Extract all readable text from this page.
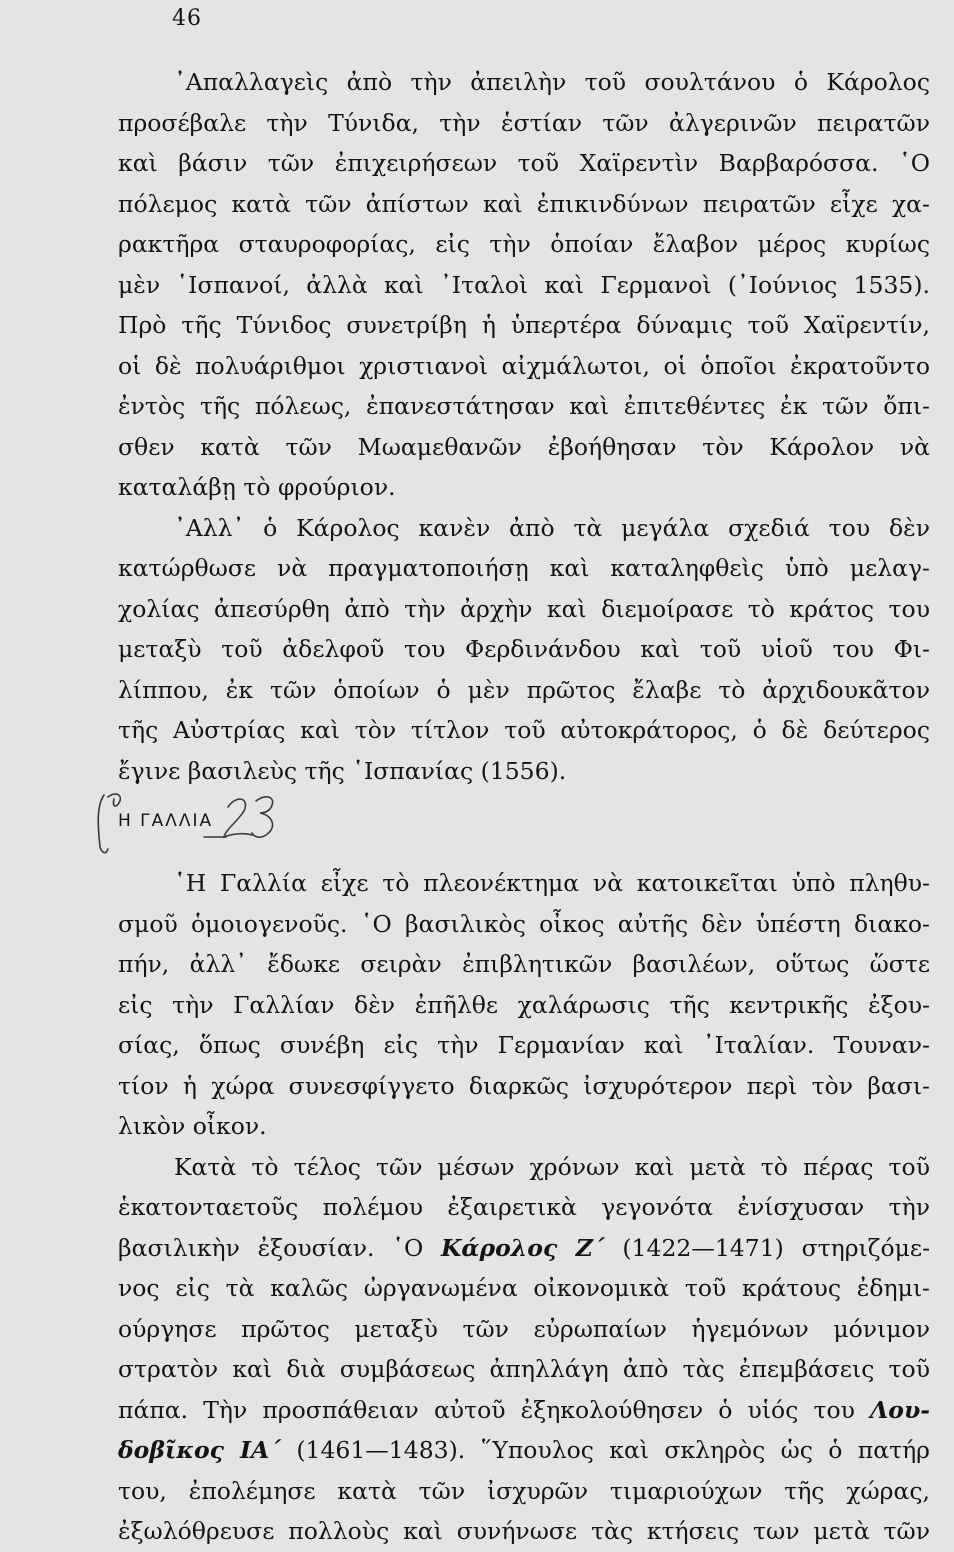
46
᾿Απαλλαγεὶς ἀπὸ τὴν ἀπειλὴν τοῦ σουλτάνου ὁ Κάρολος
προσέβαλε τὴν Τύνιδα, τὴν ἑστίαν τῶν ἀλγερινῶν πειρατῶν
καὶ βάσιν τῶν ἐπιχειρήσεων τοῦ Χαϊρεντὶν Βαρβαρόσσα. ῾Ο
πόλεμος κατὰ τῶν ἀπίστων καὶ ἐπικινδύνων πειρατῶν εἶχε χα-
ρακτῆρα σταυροφορίας, εἰς τὴν ὁποίαν ἔλαβον μέρος κυρίως
μὲν ῾Ισπανοί, ἀλλὰ καὶ ᾿Ιταλοὶ καὶ Γερμανοὶ (᾿Ιούνιος 1535).
Πρὸ τῆς Τύνιδος συνετρίβη ἡ ὑπερτέρα δύναμις τοῦ Χαϊρεντίν,
οἱ δὲ πολυάριθμοι χριστιανοὶ αἰχμάλωτοι, οἱ ὁποῖοι ἐκρατοῦντο
ἐντὸς τῆς πόλεως, ἐπανεστάτησαν καὶ ἐπιτεθέντες ἐκ τῶν ὄπι-
σθεν κατὰ τῶν Μωαμεθανῶν ἐβοήθησαν τὸν Κάρολον νὰ
καταλάβῃ τὸ φρούριον.
᾿Αλλ᾿ ὁ Κάρολος κανὲν ἀπὸ τὰ μεγάλα σχεδιά του δὲν
κατώρθωσε νὰ πραγματοποιήσῃ καὶ καταληφθεὶς ὑπὸ μελαγ-
χολίας ἀπεσύρθη ἀπὸ τὴν ἀρχὴν καὶ διεμοίρασε τὸ κράτος του
μεταξὺ τοῦ ἀδελφοῦ του Φερδινάνδου καὶ τοῦ υἱοῦ του Φι-
λίππου, ἐκ τῶν ὁποίων ὁ μὲν πρῶτος ἔλαβε τὸ ἀρχιδουκᾶτον
τῆς Αὐστρίας καὶ τὸν τίτλον τοῦ αὐτοκράτορος, ὁ δὲ δεύτερος
ἔγινε βασιλεὺς τῆς ῾Ισπανίας (1556).
Η ΓΑΛΛΙΑ
῾Η Γαλλία εἶχε τὸ πλεονέκτημα νὰ κατοικεῖται ὑπὸ πληθυ-
σμοῦ ὁμοιογενοῦς. ῾Ο βασιλικὸς οἶκος αὐτῆς δὲν ὑπέστη διακο-
πήν, ἀλλ᾿ ἔδωκε σειρὰν ἐπιβλητικῶν βασιλέων, οὕτως ὥστε
εἰς τὴν Γαλλίαν δὲν ἐπῆλθε χαλάρωσις τῆς κεντρικῆς ἐξου-
σίας, ὅπως συνέβη εἰς τὴν Γερμανίαν καὶ ᾿Ιταλίαν. Τουναν-
τίον ἡ χώρα συνεσφίγγετο διαρκῶς ἰσχυρότερον περὶ τὸν βασι-
λικὸν οἶκον.
Κατὰ τὸ τέλος τῶν μέσων χρόνων καὶ μετὰ τὸ πέρας τοῦ
ἑκατονταετοῦς πολέμου ἐξαιρετικὰ γεγονότα ἐνίσχυσαν τὴν
βασιλικὴν ἐξουσίαν. ῾Ο Κάρολος Ζ´ (1422—1471) στηριζόμε-
νος εἰς τὰ καλῶς ὠργανωμένα οἰκονομικὰ τοῦ κράτους ἐδημι-
ούργησε πρῶτος μεταξὺ τῶν εὐρωπαίων ἡγεμόνων μόνιμον
στρατὸν καὶ διὰ συμβάσεως ἀπηλλάγη ἀπὸ τὰς ἐπεμβάσεις τοῦ
πάπα. Τὴν προσπάθειαν αὐτοῦ ἐξηκολούθησεν ὁ υἱός του Λου-
δοβῖκος ΙΑ´ (1461—1483). ῞Υπουλος καὶ σκληρὸς ὡς ὁ πατήρ
του, ἐπολέμησε κατὰ τῶν ἰσχυρῶν τιμαριούχων τῆς χώρας,
ἐξωλόθρευσε πολλοὺς καὶ συνήνωσε τὰς κτήσεις των μετὰ τῶν
